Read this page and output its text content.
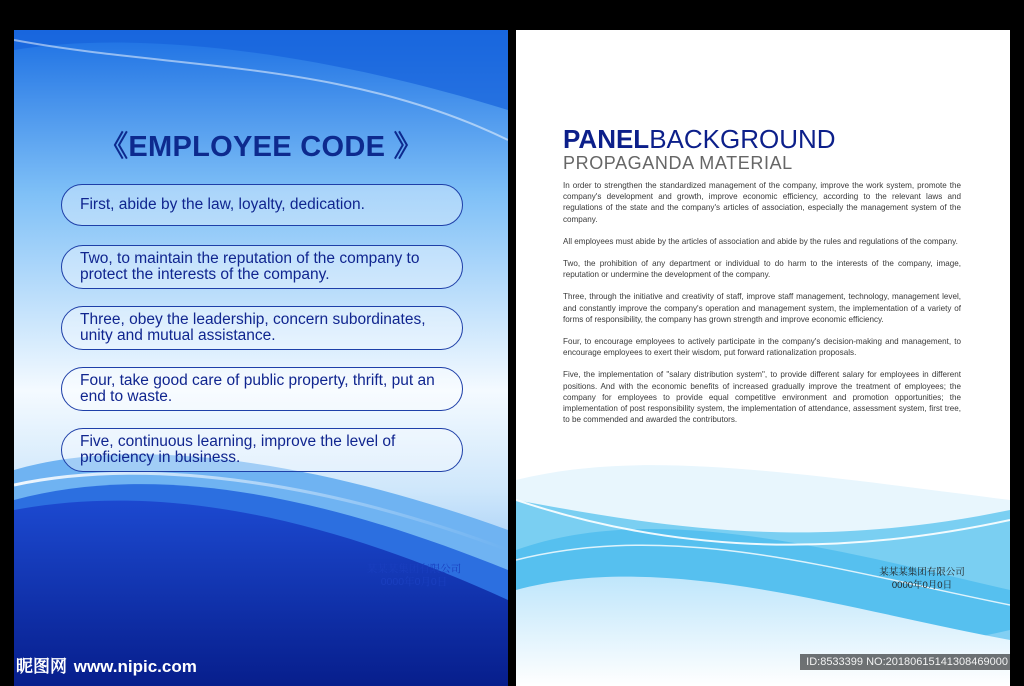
《EMPLOYEE CODE 》
First, abide by the law, loyalty, dedication.
Two, to maintain the reputation of the company to protect the interests of the company.
Three, obey the leadership, concern subordinates, unity and mutual assistance.
Four, take good care of public property, thrift, put an end to waste.
Five, continuous learning, improve the level of proficiency in business.
某某某集团有限公司
0000年0月0日
PANELBACKGROUND
PROPAGANDA MATERIAL

In order to strengthen the standardized management of the company, improve the work system, promote the company's development and growth, improve economic efficiency, according to the relevant laws and regulations of the state and the company's articles of association, especially the management system of the company.

All employees must abide by the articles of association and abide by the rules and regulations of the company.

Two, the prohibition of any department or individual to do harm to the interests of the company, image, reputation or undermine the development of the company.

Three, through the initiative and creativity of staff, improve staff management, technology, management level, and constantly improve the company's operation and management system, the implementation of a variety of forms of responsibility, the company has grown strength and improve economic efficiency.

Four, to encourage employees to actively participate in the company's decision-making and management, to encourage employees to exert their wisdom, put forward rationalization proposals.

Five, the implementation of "salary distribution system", to provide different salary for employees in different positions. And with the economic benefits of increased gradually improve the treatment of employees; the company for employees to provide equal competitive environment and promotion opportunities; the implementation of post responsibility system, the implementation of attendance, assessment system, first tree, to be commended and awarded the contributors.

某某某集团有限公司
0000年0月0日
昵图网 www.nipic.com	ID:8533399 NO:20180615141308469000
